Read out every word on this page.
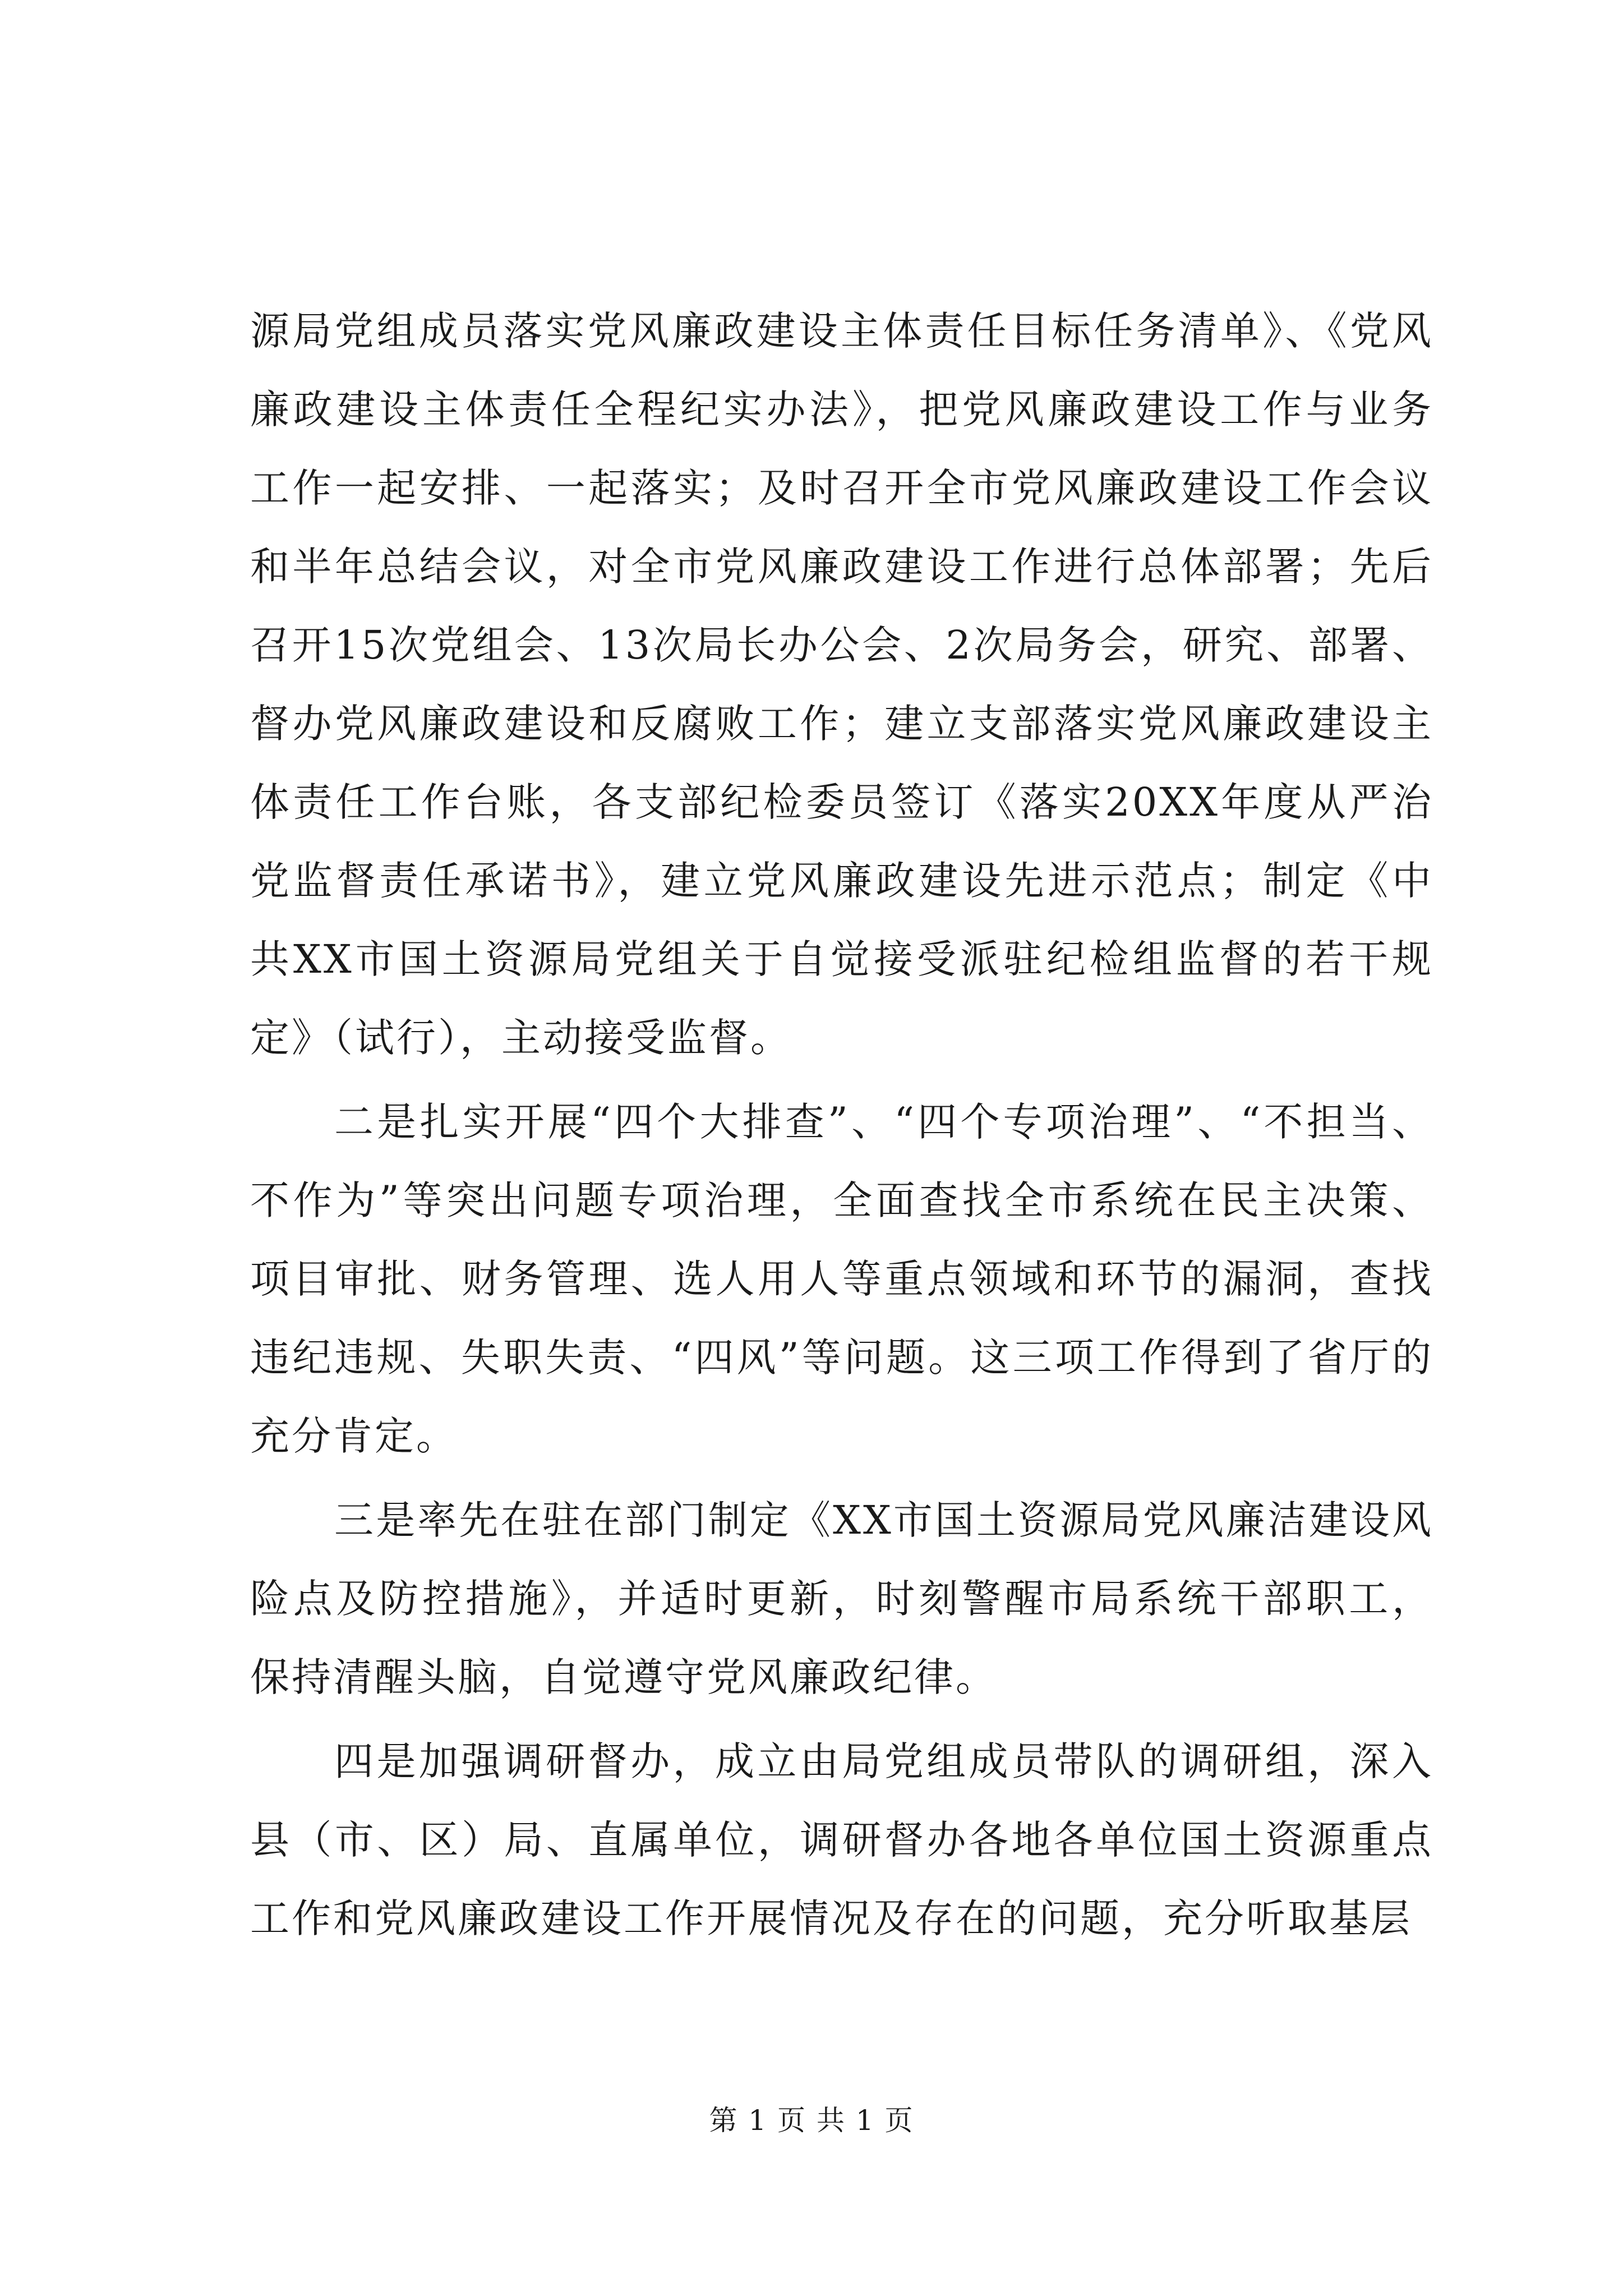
源局党组成员落实党风廉政建设主体责任目标任务清单》、《党风廉政建设主体责任全程纪实办法》，把党风廉政建设工作与业务工作一起安排、一起落实；及时召开全市党风廉政建设工作会议和半年总结会议，对全市党风廉政建设工作进行总体部署；先后召开15次党组会、13次局长办公会、2次局务会，研究、部署、督办党风廉政建设和反腐败工作；建立支部落实党风廉政建设主体责任工作台账，各支部纪检委员签订《落实20XX年度从严治党监督责任承诺书》，建立党风廉政建设先进示范点；制定《中共XX市国土资源局党组关于自觉接受派驻纪检组监督的若干规定》（试行），主动接受监督。

二是扎实开展“四个大排查”、“四个专项治理”、“不担当、不作为”等突出问题专项治理，全面查找全市系统在民主决策、项目审批、财务管理、选人用人等重点领域和环节的漏洞，查找违纪违规、失职失责、“四风”等问题。这三项工作得到了省厅的充分肯定。

三是率先在驻在部门制定《XX市国土资源局党风廉洁建设风险点及防控措施》，并适时更新，时刻警醒市局系统干部职工，保持清醒头脑，自觉遵守党风廉政纪律。

四是加强调研督办，成立由局党组成员带队的调研组，深入县（市、区）局、直属单位，调研督办各地各单位国土资源重点工作和党风廉政建设工作开展情况及存在的问题，充分听取基层

第 1 页 共 1 页
